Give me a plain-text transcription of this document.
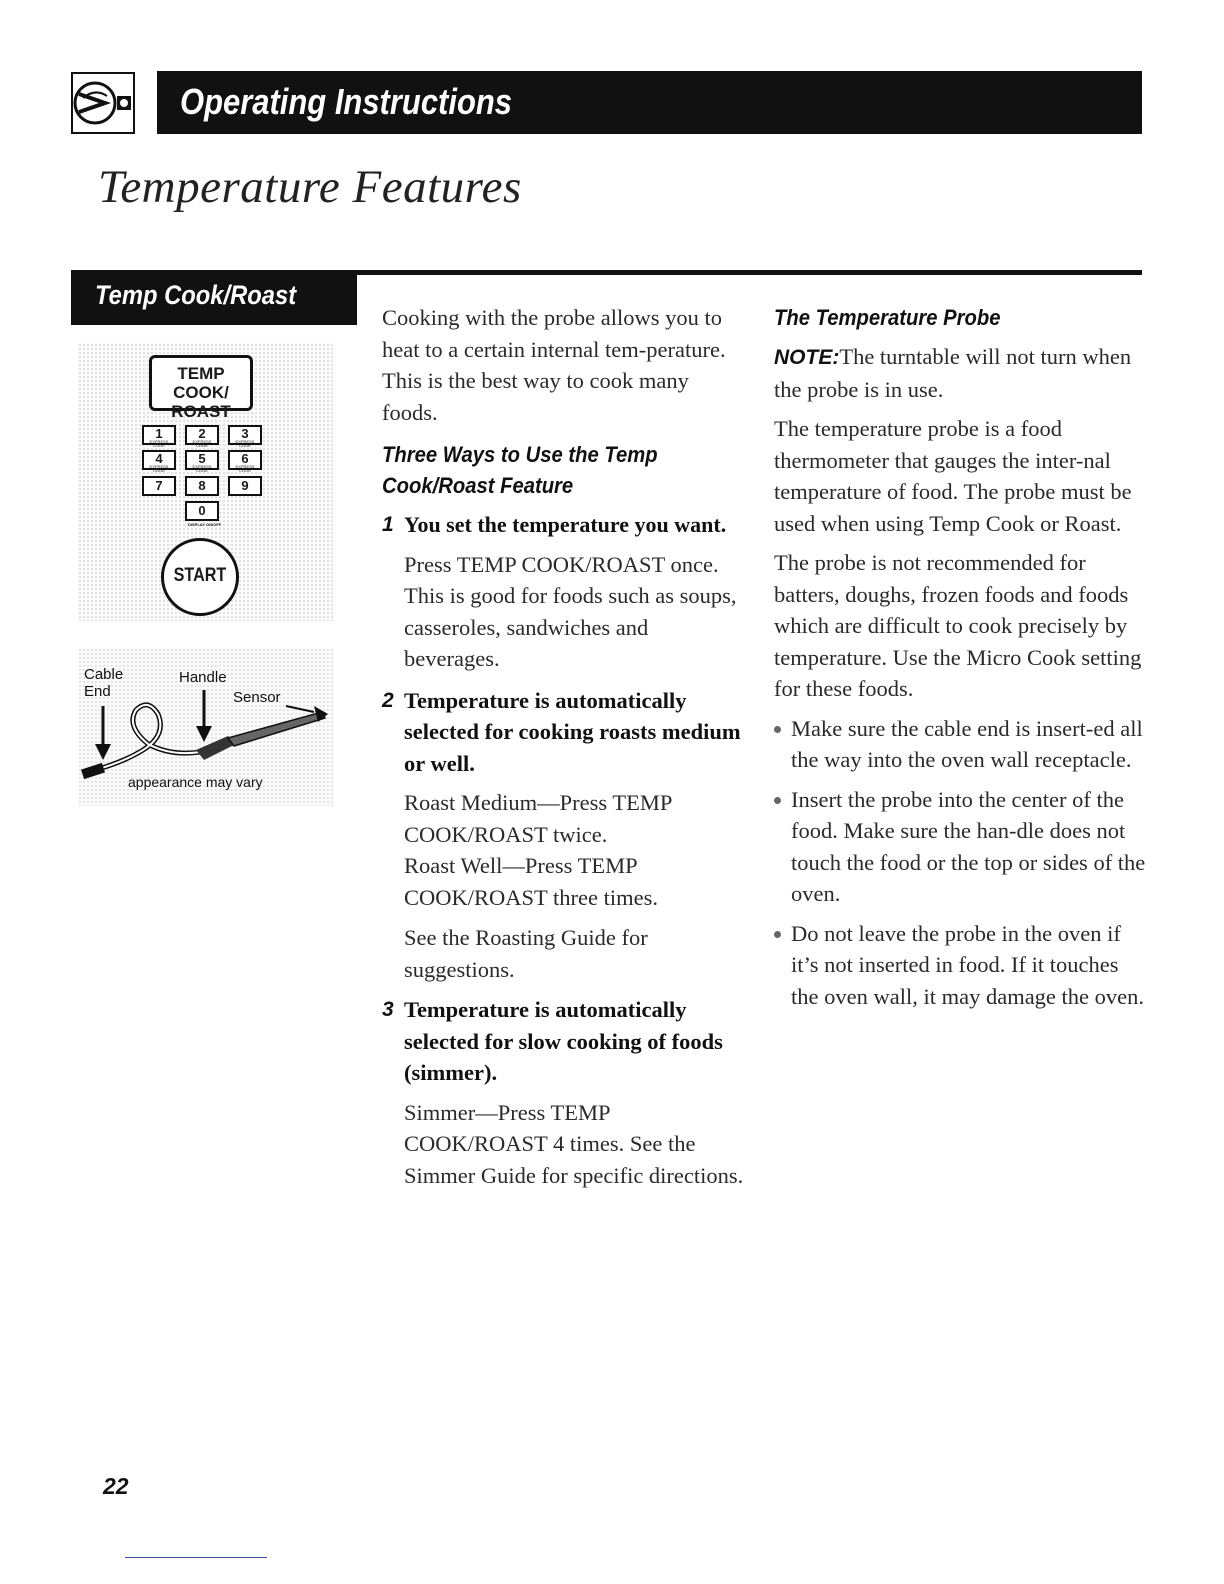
Operating Instructions
Temperature Features
Temp Cook/Roast
TEMP COOK/
ROAST
1
EXPRESS COOK
2
EXPRESS COOK
3
EXPRESS COOK
4
EXPRESS COOK
5
EXPRESS COOK
6
EXPRESS COOK
7	8	9
0
DISPLAY ON/OFF
START
Cable
End
Handle
Sensor
appearance may vary

Cooking with the probe allows you to heat to a certain internal tem-perature. This is the best way to cook many foods.

Three Ways to Use the Temp Cook/Roast Feature
1 You set the temperature you want.

Press TEMP COOK/ROAST once. This is good for foods such as soups, casseroles, sandwiches and beverages.

2 Temperature is automatically selected for cooking roasts medium or well.

Roast Medium—Press TEMP COOK/ROAST twice.

Roast Well—Press TEMP COOK/ROAST three times.

See the Roasting Guide for suggestions.

3 Temperature is automatically selected for slow cooking of foods (simmer).

Simmer—Press TEMP COOK/ROAST 4 times. See the Simmer Guide for specific directions.

The Temperature Probe

NOTE:The turntable will not turn when the probe is in use.

The temperature probe is a food thermometer that gauges the inter-nal temperature of food. The probe must be used when using Temp Cook or Roast.

The probe is not recommended for batters, doughs, frozen foods and foods which are difficult to cook precisely by temperature. Use the Micro Cook setting for these foods.

Make sure the cable end is insert-ed all the way into the oven wall receptacle.

Insert the probe into the center of the food. Make sure the han-dle does not touch the food or the top or sides of the oven.

Do not leave the probe in the oven if it’s not inserted in food. If it touches the oven wall, it may damage the oven.

22
